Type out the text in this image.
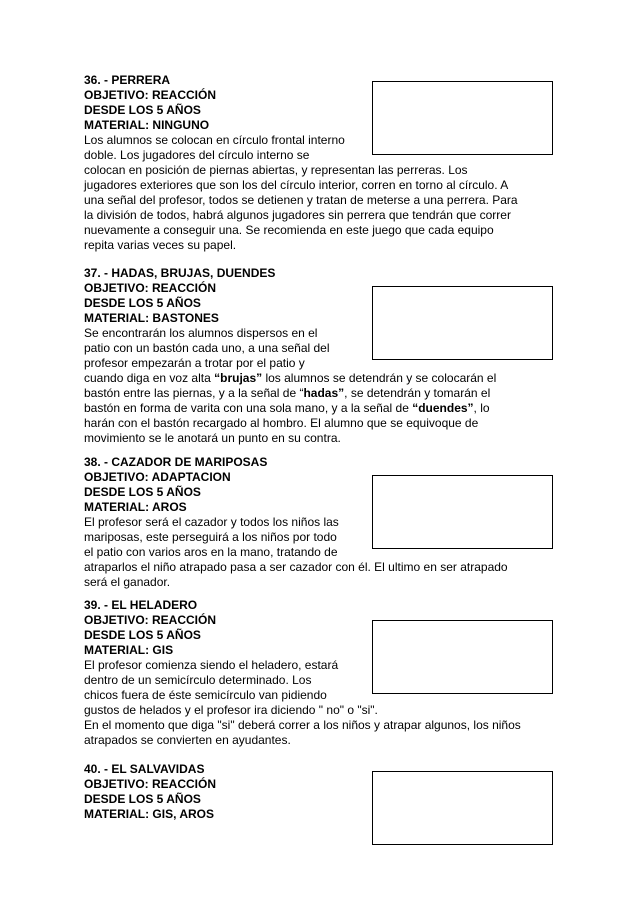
36. - PERRERA
OBJETIVO: REACCIÓN
DESDE LOS 5 AÑOS
MATERIAL: NINGUNO
Los alumnos se colocan en círculo frontal interno
doble. Los jugadores del círculo interno se
colocan en posición de piernas abiertas, y representan las perreras. Los
jugadores exteriores que son los del círculo interior, corren en torno al círculo. A
una señal del profesor, todos se detienen y tratan de meterse a una perrera. Para
la división de todos, habrá algunos jugadores sin perrera que tendrán que correr
nuevamente a conseguir una. Se recomienda en este juego que cada equipo
repita varias veces su papel.
37. - HADAS, BRUJAS, DUENDES
OBJETIVO: REACCIÓN
DESDE LOS 5 AÑOS
MATERIAL: BASTONES
Se encontrarán los alumnos dispersos en el
patio con un bastón cada uno, a una señal del
profesor empezarán a trotar por el patio y
cuando diga en voz alta “brujas” los alumnos se detendrán y se colocarán el
bastón entre las piernas, y a la señal de “hadas”, se detendrán y tomarán el
bastón en forma de varita con una sola mano, y a la señal de “duendes”, lo
harán con el bastón recargado al hombro. El alumno que se equivoque de
movimiento se le anotará un punto en su contra.
38. - CAZADOR DE MARIPOSAS
OBJETIVO: ADAPTACION
DESDE LOS 5 AÑOS
MATERIAL: AROS
El profesor será el cazador y todos los niños las
mariposas, este perseguirá a los niños por todo
el patio con varios aros en la mano, tratando de
atraparlos el niño atrapado pasa a ser cazador con él. El ultimo en ser atrapado
será el ganador.
39. - EL HELADERO
OBJETIVO: REACCIÓN
DESDE LOS 5 AÑOS
MATERIAL: GIS
El profesor comienza siendo el heladero, estará
dentro de un semicírculo determinado. Los
chicos fuera de éste semicírculo van pidiendo
gustos de helados y el profesor ira diciendo " no" o "si".
En el momento que diga "si" deberá correr a los niños y atrapar algunos, los niños
atrapados se convierten en ayudantes.
40. - EL SALVAVIDAS
OBJETIVO: REACCIÓN
DESDE LOS 5 AÑOS
MATERIAL: GIS, AROS
